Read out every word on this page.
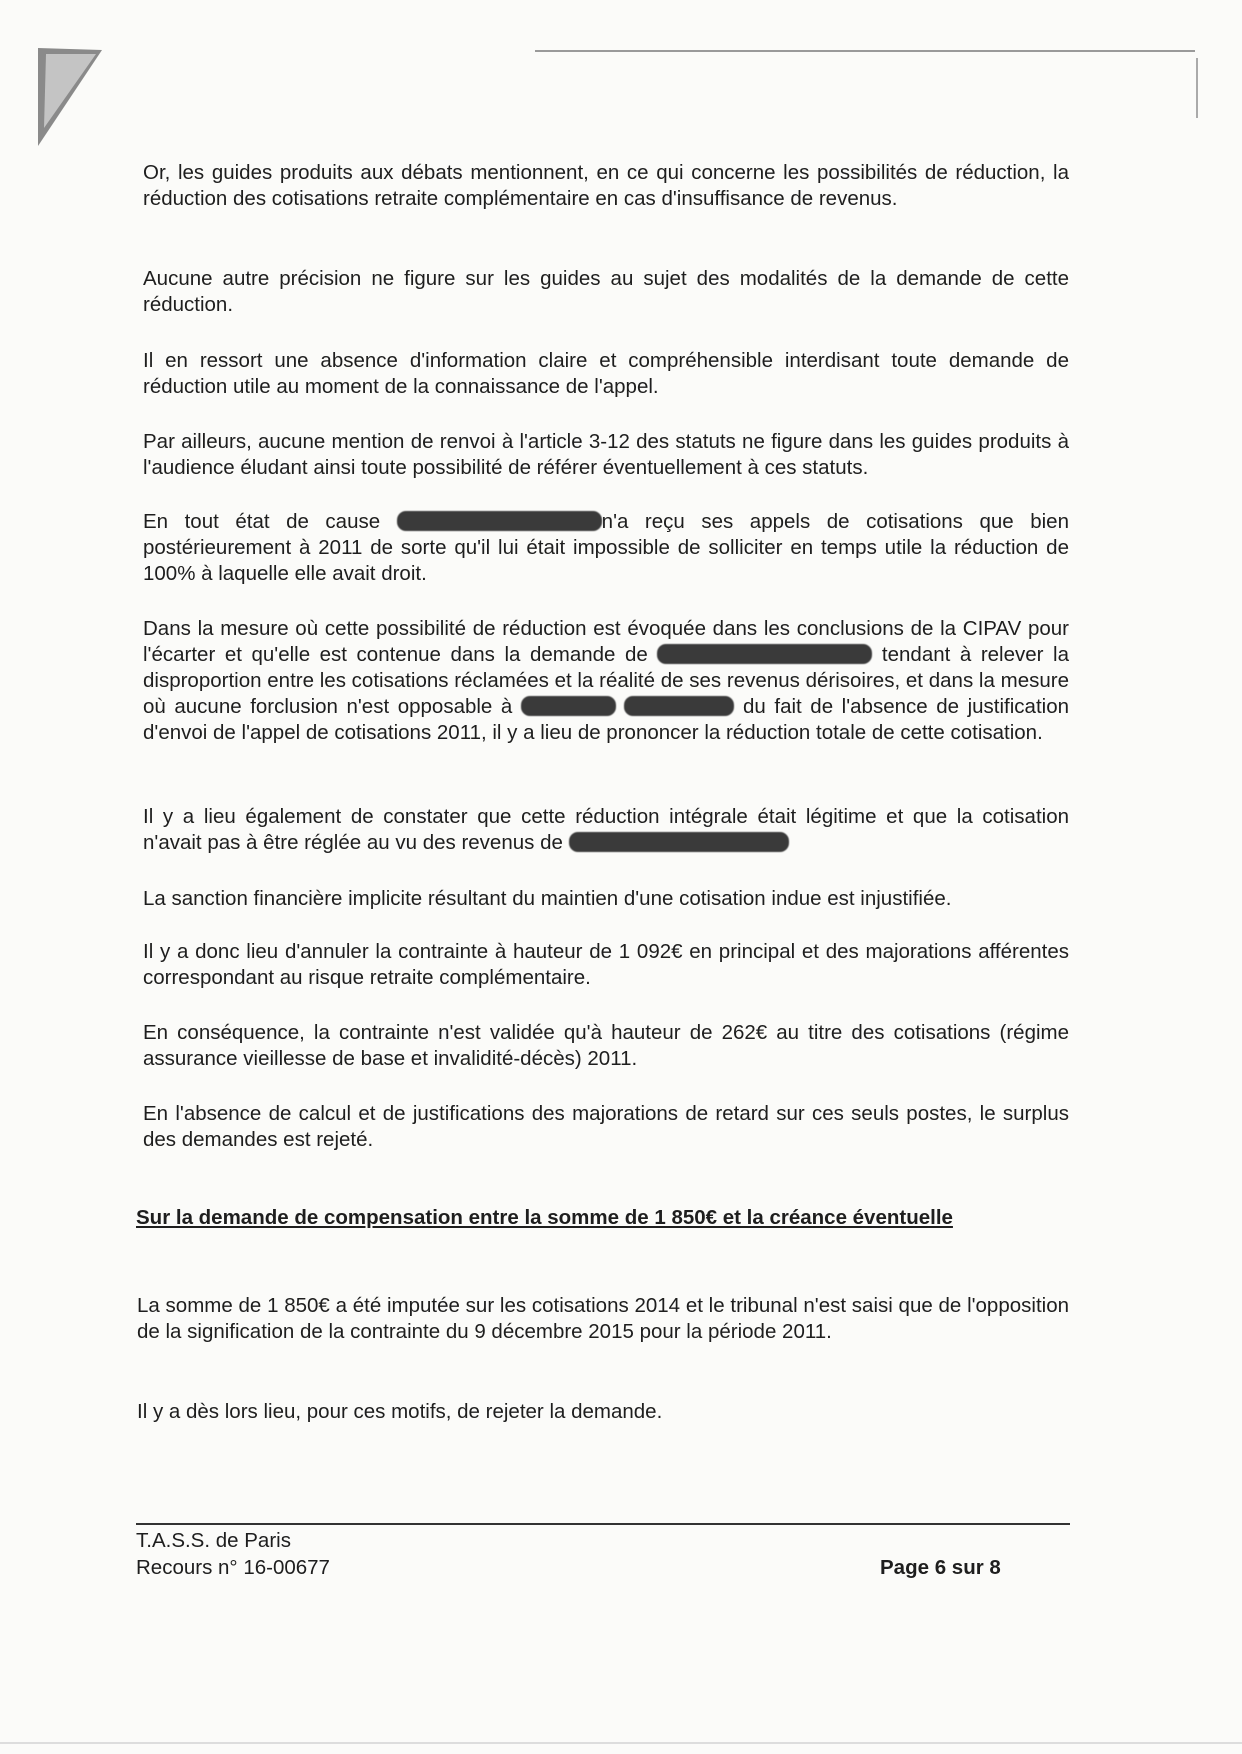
Or, les guides produits aux débats mentionnent, en ce qui concerne les possibilités de réduction, la réduction des cotisations retraite complémentaire en cas d'insuffisance de revenus.

Aucune autre précision ne figure sur les guides au sujet des modalités de la demande de cette réduction.

Il en ressort une absence d'information claire et compréhensible interdisant toute demande de réduction utile au moment de la connaissance de l'appel.

Par ailleurs, aucune mention de renvoi à l'article 3-12 des statuts ne figure dans les guides produits à l'audience éludant ainsi toute possibilité de référer éventuellement à ces statuts.

En tout état de cause	n'a reçu ses appels de cotisations que bien postérieurement à 2011 de sorte qu'il lui était impossible de solliciter en temps utile la réduction de 100% à laquelle elle avait droit.

Dans la mesure où cette possibilité de réduction est évoquée dans les conclusions de la CIPAV pour l'écarter et qu'elle est contenue dans la demande de	tendant à relever la disproportion entre les cotisations réclamées et la réalité de ses revenus dérisoires, et dans la mesure où aucune forclusion n'est opposable à	du fait de l'absence de justification d'envoi de l'appel de cotisations 2011, il y a lieu de prononcer la réduction totale de cette cotisation.

Il y a lieu également de constater que cette réduction intégrale était légitime et que la cotisation n'avait pas à être réglée au vu des revenus de

La sanction financière implicite résultant du maintien d'une cotisation indue est injustifiée.

Il y a donc lieu d'annuler la contrainte à hauteur de 1 092€ en principal et des majorations afférentes correspondant au risque retraite complémentaire.

En conséquence, la contrainte n'est validée qu'à hauteur de 262€ au titre des cotisations (régime assurance vieillesse de base et invalidité-décès) 2011.

En l'absence de calcul et de justifications des majorations de retard sur ces seuls postes, le surplus des demandes est rejeté.

Sur la demande de compensation entre la somme de 1 850€ et la créance éventuelle

La somme de 1 850€ a été imputée sur les cotisations 2014 et le tribunal n'est saisi que de l'opposition de la signification de la contrainte du 9 décembre 2015 pour la période 2011.

Il y a dès lors lieu, pour ces motifs, de rejeter la demande.

T.A.S.S. de Paris
Recours n° 16-00677	Page 6 sur 8
